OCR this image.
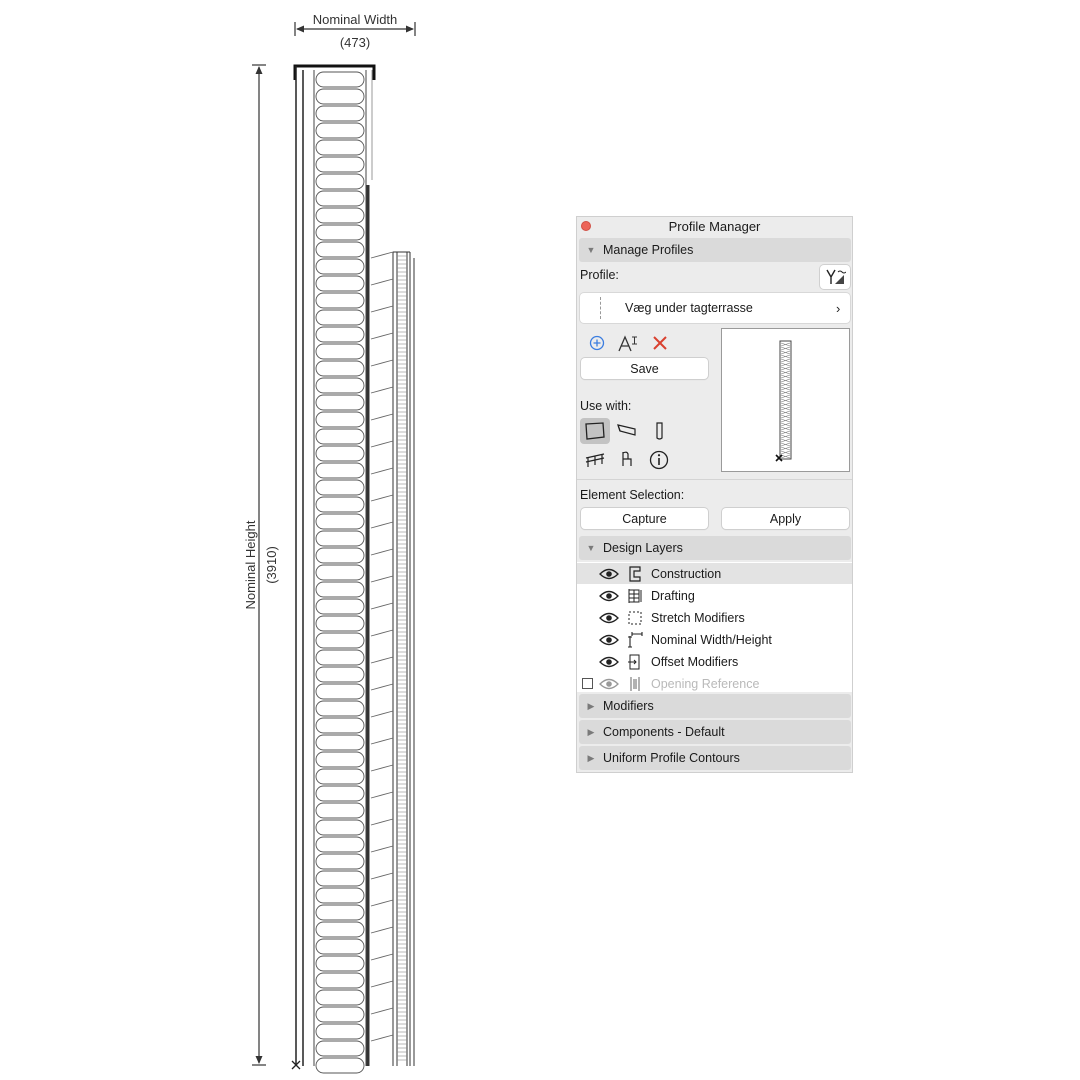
Nominal Width
(473)
Nominal Height (3910)
Profile Manager
▼ Manage Profiles
Profile:
Væg under tagterrasse	›
Save
Use with:
Element Selection:
Capture	Apply
▼ Design Layers
Construction
Drafting
Stretch Modifiers
Nominal Width/Height
Offset Modifiers
Opening Reference
▶ Modifiers
▶ Components - Default
▶ Uniform Profile Contours
